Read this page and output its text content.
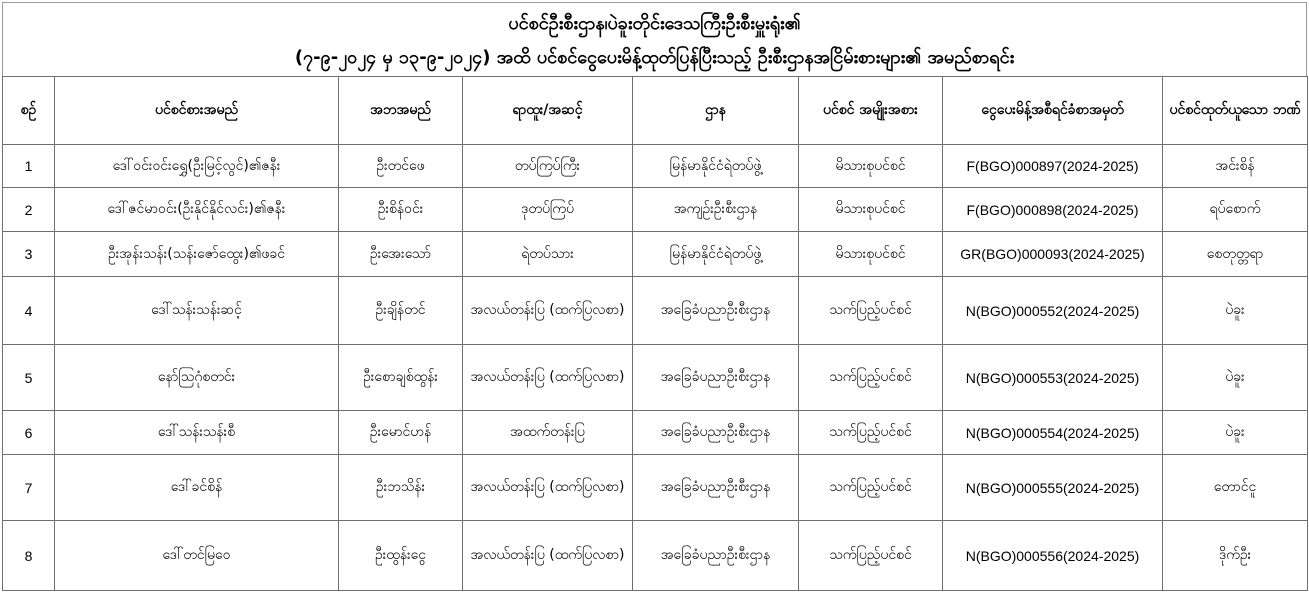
ပင်စင်ဦးစီးဌာန၊ပဲခူးတိုင်းဒေသကြီးဦးစီးမှူးရုံး၏
(၇-၉-၂၀၂၄ မှ ၁၃-၉-၂၀၂၄) အထိ ပင်စင်ငွေပေးမိန့်ထုတ်ပြန်ပြီးသည့် ဦးစီးဌာနအငြိမ်းစားများ၏ အမည်စာရင်း
စဉ်	ပင်စင်စားအမည်	အဘအမည်	ရာထူး/အဆင့်	ဌာန	ပင်စင် အမျိုးအစား	ငွေပေးမိန့်အစီရင်ခံစာအမှတ်	ပင်စင်ထုတ်ယူသော ဘဏ်
1	ဒေါ်ဝင်းဝင်းရွှေ(ဦးမြင့်လွင်)၏ဇနီး	ဦးတင်ဖေ	တပ်ကြပ်ကြီး	မြန်မာနိုင်ငံရဲတပ်ဖွဲ့	မိသားစုပင်စင်	F(BGO)000897(2024-2025)	အင်းစိန်
2	ဒေါ်ဇင်မာဝင်း(ဦးနိုင်နိုင်လင်း)၏ဇနီး	ဦးစိန်ဝင်း	ဒုတပ်ကြပ်	အကျဉ်းဦးစီးဌာန	မိသားစုပင်စင်	F(BGO)000898(2024-2025)	ရပ်စောက်
3	ဦးအုန်းသန်း(သန်းဇော်ထွေး)၏ဖခင်	ဦးအေးသော်	ရဲတပ်သား	မြန်မာနိုင်ငံရဲတပ်ဖွဲ့	မိသားစုပင်စင်	GR(BGO)000093(2024-2025)	စေတုတ္တရာ
4	ဒေါ်သန်းသန်းဆင့်	ဦးချိန်တင်	အလယ်တန်းပြ (ထက်ပြလစာ)	အခြေခံပညာဦးစီးဌာန	သက်ပြည့်ပင်စင်	N(BGO)000552(2024-2025)	ပဲခူး
5	နော်ဩဂုံစတင်း	ဦးစောချစ်ထွန်း	အလယ်တန်းပြ (ထက်ပြလစာ)	အခြေခံပညာဦးစီးဌာန	သက်ပြည့်ပင်စင်	N(BGO)000553(2024-2025)	ပဲခူး
6	ဒေါ်သန်းသန်းစီ	ဦးမောင်ဟန်	အထက်တန်းပြ	အခြေခံပညာဦးစီးဌာန	သက်ပြည့်ပင်စင်	N(BGO)000554(2024-2025)	ပဲခူး
7	ဒေါ်ခင်စိန်	ဦးဘသိန်း	အလယ်တန်းပြ (ထက်ပြလစာ)	အခြေခံပညာဦးစီးဌာန	သက်ပြည့်ပင်စင်	N(BGO)000555(2024-2025)	တောင်ငူ
8	ဒေါ်တင်မြဝေ	ဦးထွန်းငွေ	အလယ်တန်းပြ (ထက်ပြလစာ)	အခြေခံပညာဦးစီးဌာန	သက်ပြည့်ပင်စင်	N(BGO)000556(2024-2025)	ဒိုက်ဦး
